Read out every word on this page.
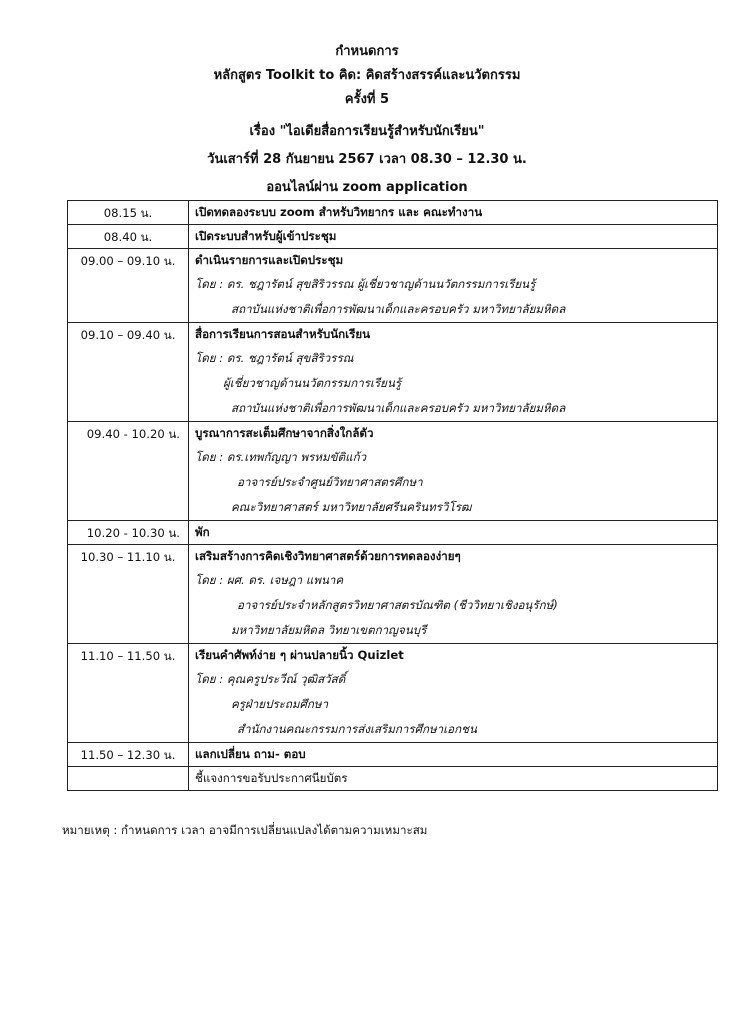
กำหนดการ
หลักสูตร Toolkit to คิด: คิดสร้างสรรค์และนวัตกรรม
ครั้งที่ 5
เรื่อง "ไอเดียสื่อการเรียนรู้สำหรับนักเรียน"
วันเสาร์ที่ 28 กันยายน 2567 เวลา 08.30 – 12.30 น.
ออนไลน์ผ่าน zoom application
08.15 น.	เปิดทดลองระบบ zoom สำหรับวิทยากร และ คณะทำงาน

08.40 น.	เปิดระบบสำหรับผู้เข้าประชุม

09.00 – 09.10 น.	ดำเนินรายการและเปิดประชุม
โดย : ดร. ชฎารัตน์ สุขสิริวรรณ ผู้เชี่ยวชาญด้านนวัตกรรมการเรียนรู้
สถาบันแห่งชาติเพื่อการพัฒนาเด็กและครอบครัว มหาวิทยาลัยมหิดล

09.10 – 09.40 น.	สื่อการเรียนการสอนสำหรับนักเรียน
โดย : ดร. ชฎารัตน์ สุขสิริวรรณ
ผู้เชี่ยวชาญด้านนวัตกรรมการเรียนรู้
สถาบันแห่งชาติเพื่อการพัฒนาเด็กและครอบครัว มหาวิทยาลัยมหิดล

09.40 - 10.20 น.	บูรณาการสะเต็มศึกษาจากสิ่งใกล้ตัว
โดย : ดร.เทพกัญญา พรหมขัติแก้ว
อาจารย์ประจำศูนย์วิทยาศาสตรศึกษา
คณะวิทยาศาสตร์ มหาวิทยาลัยศรีนครินทรวิโรฒ

10.20 - 10.30 น.	พัก

10.30 – 11.10 น.	เสริมสร้างการคิดเชิงวิทยาศาสตร์ด้วยการทดลองง่ายๆ
โดย : ผศ. ดร. เจษฎา แพนาค
อาจารย์ประจำหลักสูตรวิทยาศาสตรบัณฑิต (ชีววิทยาเชิงอนุรักษ์)
มหาวิทยาลัยมหิดล วิทยาเขตกาญจนบุรี

11.10 – 11.50 น.	เรียนคำศัพท์ง่าย ๆ ผ่านปลายนิ้ว Quizlet
โดย : คุณครูประวีณ์ วุฒิสวัสดิ์
ครูฝ่ายประถมศึกษา
สำนักงานคณะกรรมการส่งเสริมการศึกษาเอกชน

11.50 – 12.30 น.	แลกเปลี่ยน ถาม- ตอบ

	ชี้แจงการขอรับประกาศนียบัตร
หมายเหตุ : กำหนดการ เวลา อาจมีการเปลี่ยนแปลงได้ตามความเหมาะสม
